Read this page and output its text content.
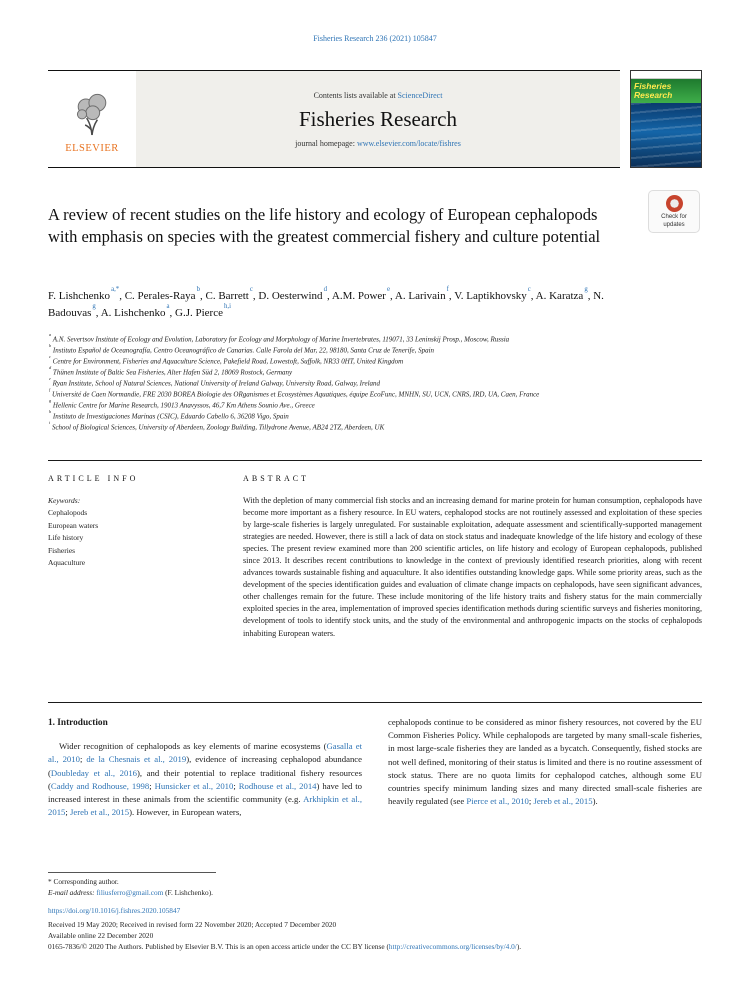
Fisheries Research 236 (2021) 105847
ELSEVIER
Contents lists available at ScienceDirect
Fisheries Research
journal homepage: www.elsevier.com/locate/fishres
Fisheries Research
Check for updates
A review of recent studies on the life history and ecology of European cephalopods with emphasis on species with the greatest commercial fishery and culture potential
F. Lishchenko$^{a,*}$, C. Perales-Raya$^b$, C. Barrett$^c$, D. Oesterwind$^d$, A.M. Power$^e$, A. Larivain$^f$, V. Laptikhovsky$^c$, A. Karatza$^g$, N. Badouvas$^g$, A. Lishchenko$^a$, G.J. Pierce$^{h,i}$
$^a$ A.N. Severtsov Institute of Ecology and Evolution, Laboratory for Ecology and Morphology of Marine Invertebrates, 119071, 33 Leninskij Prosp., Moscow, Russia
$^b$ Instituto Español de Oceanografía, Centro Oceanográfico de Canarias. Calle Farola del Mar, 22, 98180, Santa Cruz de Tenerife, Spain
$^c$ Centre for Environment, Fisheries and Aquaculture Science, Pakefield Road, Lowestoft, Suffolk, NR33 0HT, United Kingdom
$^d$ Thünen Institute of Baltic Sea Fisheries, Alter Hafen Süd 2, 18069 Rostock, Germany
$^e$ Ryan Institute, School of Natural Sciences, National University of Ireland Galway, University Road, Galway, Ireland
$^f$ Université de Caen Normandie, FRE 2030 BOREA Biologie des ORganismes et Ecosystèmes Aquatiques, équipe EcoFunc, MNHN, SU, UCN, CNRS, IRD, UA, Caen, France
$^g$ Hellenic Centre for Marine Research, 19013 Anavyssos, 46,7 Km Athens Sounio Ave., Greece
$^h$ Instituto de Investigaciones Marinas (CSIC), Eduardo Cabello 6, 36208 Vigo, Spain
$^i$ School of Biological Sciences, University of Aberdeen, Zoology Building, Tillydrone Avenue, AB24 2TZ, Aberdeen, UK
ARTICLE INFO
Keywords:
Cephalopods
European waters
Life history
Fisheries
Aquaculture
ABSTRACT
With the depletion of many commercial fish stocks and an increasing demand for marine protein for human consumption, cephalopods have become more important as a fishery resource. In EU waters, cephalopod stocks are not routinely assessed and exploitation of these species by large-scale fisheries is largely unregulated. For sustainable exploitation, adequate assessment and scientifically-supported management strategies are needed. However, there is still a lack of data on stock status and inadequate knowledge of the life history and ecology of these species. The present review examined more than 200 scientific articles, on life history and ecology of European cephalopods, published since 2013. It describes recent contributions to knowledge in the context of previously identified research priorities, along with recent advances towards sustainable fishing and aquaculture. It also identifies outstanding knowledge gaps. While some priority areas, such as the development of the species identification guides and evaluation of climate change impacts on cephalopods, have seen significant advances, other challenges remain for the future. These include monitoring of the life history traits and fishery status for the main commercially exploited species in the area, implementation of improved species identification methods during scientific surveys and fisheries monitoring, development of tools to identify stock units, and the study of the environmental and anthropogenic impacts on the stocks of cephalopods inhabiting European waters.
1. Introduction
Wider recognition of cephalopods as key elements of marine ecosystems (Gasalla et al., 2010; de la Chesnais et al., 2019), evidence of increasing cephalopod abundance (Doubleday et al., 2016), and their potential to replace traditional fishery resources (Caddy and Rodhouse, 1998; Hunsicker et al., 2010; Rodhouse et al., 2014) have led to increased interest in these animals from the scientific community (e.g. Arkhipkin et al., 2015; Jereb et al., 2015). However, in European waters,
cephalopods continue to be considered as minor fishery resources, not covered by the EU Common Fisheries Policy. While cephalopods are targeted by many small-scale fisheries, in most large-scale fisheries they are landed as a bycatch. Consequently, fished stocks are not well defined, monitoring of their status is limited and there is no routine assessment of stock status. There are no quota limits for cephalopod catches, although some EU countries specify minimum landing sizes and many directed small-scale fisheries are heavily regulated (see Pierce et al., 2010; Jereb et al., 2015).
* Corresponding author.
E-mail address: filiusferro@gmail.com (F. Lishchenko).
https://doi.org/10.1016/j.fishres.2020.105847
Received 19 May 2020; Received in revised form 22 November 2020; Accepted 7 December 2020
Available online 22 December 2020
0165-7836/© 2020 The Authors. Published by Elsevier B.V. This is an open access article under the CC BY license (http://creativecommons.org/licenses/by/4.0/).
